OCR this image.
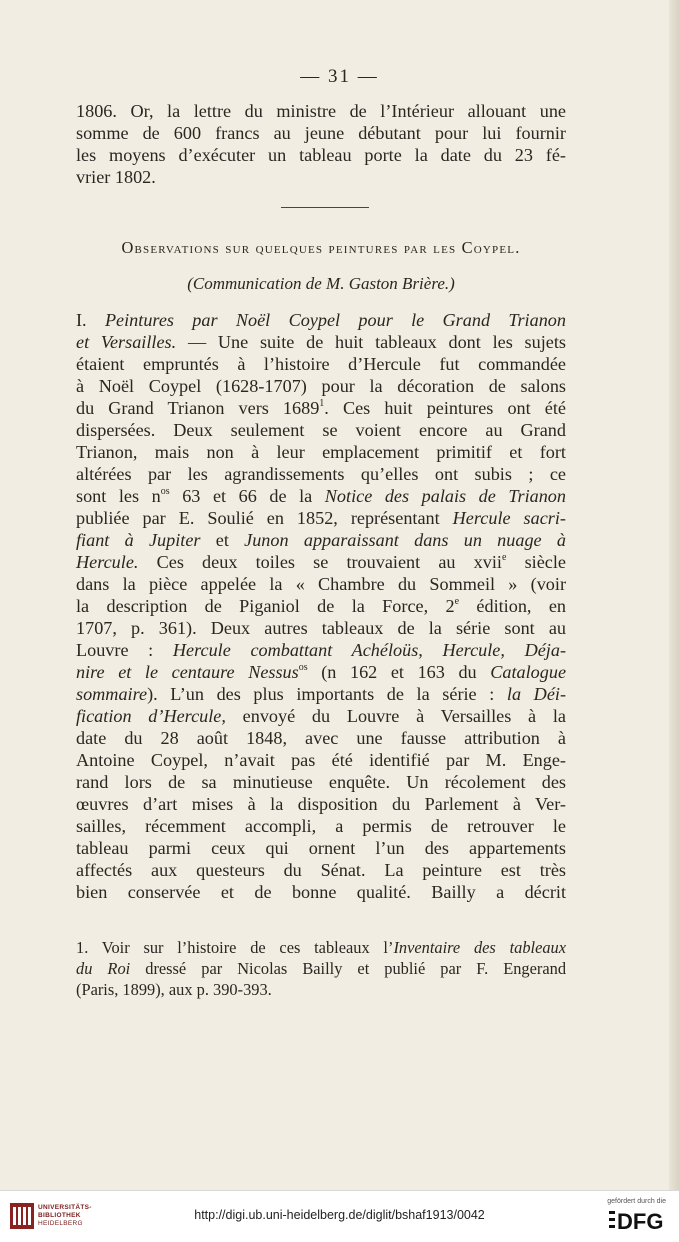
— 31 —
1806. Or, la lettre du ministre de l’Intérieur allouant une
somme de 600 francs au jeune débutant pour lui fournir
les moyens d’exécuter un tableau porte la date du 23 fé-
vrier 1802.
Observations sur quelques peintures par les Coypel.
(Communication de M. Gaston Brière.)
I. Peintures par Noël Coypel pour le Grand Trianon
et Versailles. — Une suite de huit tableaux dont les sujets
étaient empruntés à l’histoire d’Hercule fut commandée
à Noël Coypel (1628-1707) pour la décoration de salons
du Grand Trianon vers 1689$^1$. Ces huit peintures ont été
dispersées. Deux seulement se voient encore au Grand
Trianon, mais non à leur emplacement primitif et fort
altérées par les agrandissements qu’elles ont subis ; ce
sont les $n^{os}$ 63 et 66 de la Notice des palais de Trianon
publiée par E. Soulié en 1852, représentant Hercule sacri-
fiant à Jupiter et Junon apparaissant dans un nuage à
Hercule. Ces deux toiles se trouvaient au xvii$^e$ siècle
dans la pièce appelée la « Chambre du Sommeil » (voir
la description de Piganiol de la Force, 2e édition, en
1707, p. 361). Deux autres tableaux de la série sont au
Louvre : Hercule combattant Achéloüs, Hercule, Déja-
nire et le centaure Nessus$^{os}$ (n 162 et 163 du Catalogue
sommaire). L’un des plus importants de la série : la Déi-
fication d’Hercule, envoyé du Louvre à Versailles à la
date du 28 août 1848, avec une fausse attribution à
Antoine Coypel, n’avait pas été identifié par M. Enge-
rand lors de sa minutieuse enquête. Un récolement des
œuvres d’art mises à la disposition du Parlement à Ver-
sailles, récemment accompli, a permis de retrouver le
tableau parmi ceux qui ornent l’un des appartements
affectés aux questeurs du Sénat. La peinture est très
bien conservée et de bonne qualité. Bailly a décrit
1. Voir sur l’histoire de ces tableaux l’Inventaire des tableaux
du Roi dressé par Nicolas Bailly et publié par F. Engerand
(Paris, 1899), aux p. 390-393.
UNIVERSITÄTS-
BIBLIOTHEK
HEIDELBERG
http://digi.ub.uni-heidelberg.de/diglit/bshaf1913/0042
gefördert durch die
DFG
